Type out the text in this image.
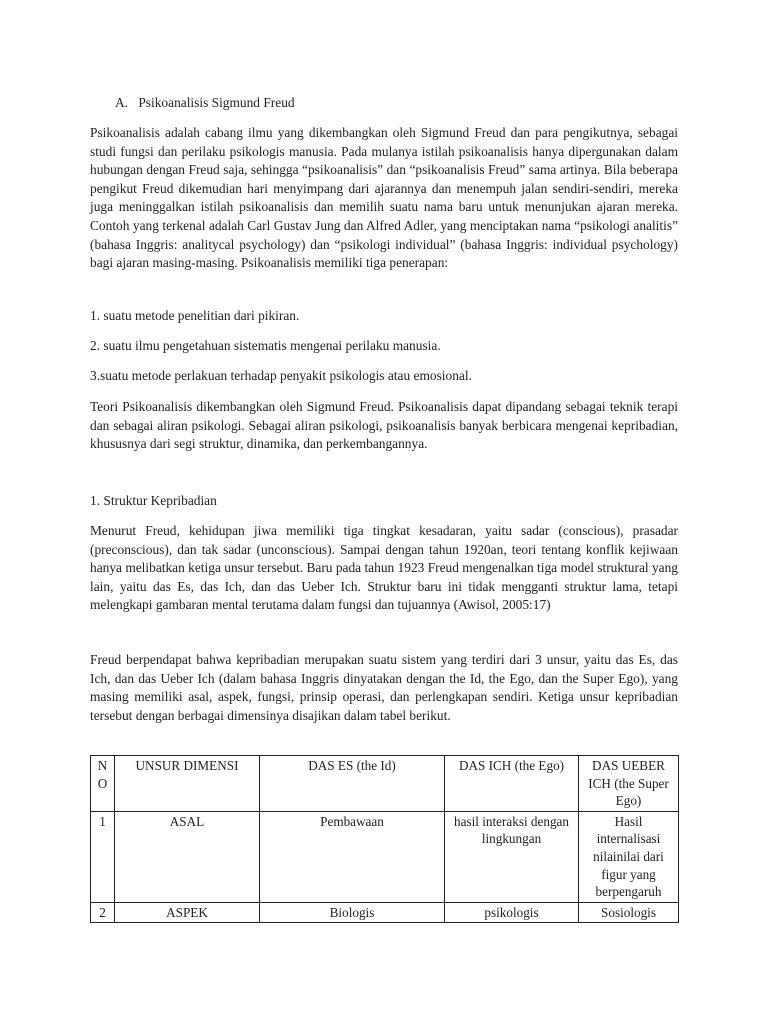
A. Psikoanalisis Sigmund Freud

Psikoanalisis adalah cabang ilmu yang dikembangkan oleh Sigmund Freud dan para pengikutnya, sebagai studi fungsi dan perilaku psikologis manusia. Pada mulanya istilah psikoanalisis hanya dipergunakan dalam hubungan dengan Freud saja, sehingga “psikoanalisis” dan “psikoanalisis Freud” sama artinya. Bila beberapa pengikut Freud dikemudian hari menyimpang dari ajarannya dan menempuh jalan sendiri-sendiri, mereka juga meninggalkan istilah psikoanalisis dan memilih suatu nama baru untuk menunjukan ajaran mereka. Contoh yang terkenal adalah Carl Gustav Jung dan Alfred Adler, yang menciptakan nama “psikologi analitis” (bahasa Inggris: analitycal psychology) dan “psikologi individual” (bahasa Inggris: individual psychology) bagi ajaran masing-masing. Psikoanalisis memiliki tiga penerapan:

1. suatu metode penelitian dari pikiran.

2. suatu ilmu pengetahuan sistematis mengenai perilaku manusia.

3.suatu metode perlakuan terhadap penyakit psikologis atau emosional.

Teori Psikoanalisis dikembangkan oleh Sigmund Freud. Psikoanalisis dapat dipandang sebagai teknik terapi dan sebagai aliran psikologi. Sebagai aliran psikologi, psikoanalisis banyak berbicara mengenai kepribadian, khususnya dari segi struktur, dinamika, dan perkembangannya.

1. Struktur Kepribadian

Menurut Freud, kehidupan jiwa memiliki tiga tingkat kesadaran, yaitu sadar (conscious), prasadar (preconscious), dan tak sadar (unconscious). Sampai dengan tahun 1920an, teori tentang konflik kejiwaan hanya melibatkan ketiga unsur tersebut. Baru pada tahun 1923 Freud mengenalkan tiga model struktural yang lain, yaitu das Es, das Ich, dan das Ueber Ich. Struktur baru ini tidak mengganti struktur lama, tetapi melengkapi gambaran mental terutama dalam fungsi dan tujuannya (Awisol, 2005:17)

Freud berpendapat bahwa kepribadian merupakan suatu sistem yang terdiri dari 3 unsur, yaitu das Es, das Ich, dan das Ueber Ich (dalam bahasa Inggris dinyatakan dengan the Id, the Ego, dan the Super Ego), yang masing memiliki asal, aspek, fungsi, prinsip operasi, dan perlengkapan sendiri. Ketiga unsur kepribadian tersebut dengan berbagai dimensinya disajikan dalam tabel berikut.

N O	UNSUR DIMENSI	DAS ES (the Id)	DAS ICH (the Ego)	DAS UEBER ICH (the Super Ego)
1	ASAL	Pembawaan	hasil interaksi dengan lingkungan	Hasil internalisasi nilainilai dari figur yang berpengaruh
2	ASPEK	Biologis	psikologis	Sosiologis
